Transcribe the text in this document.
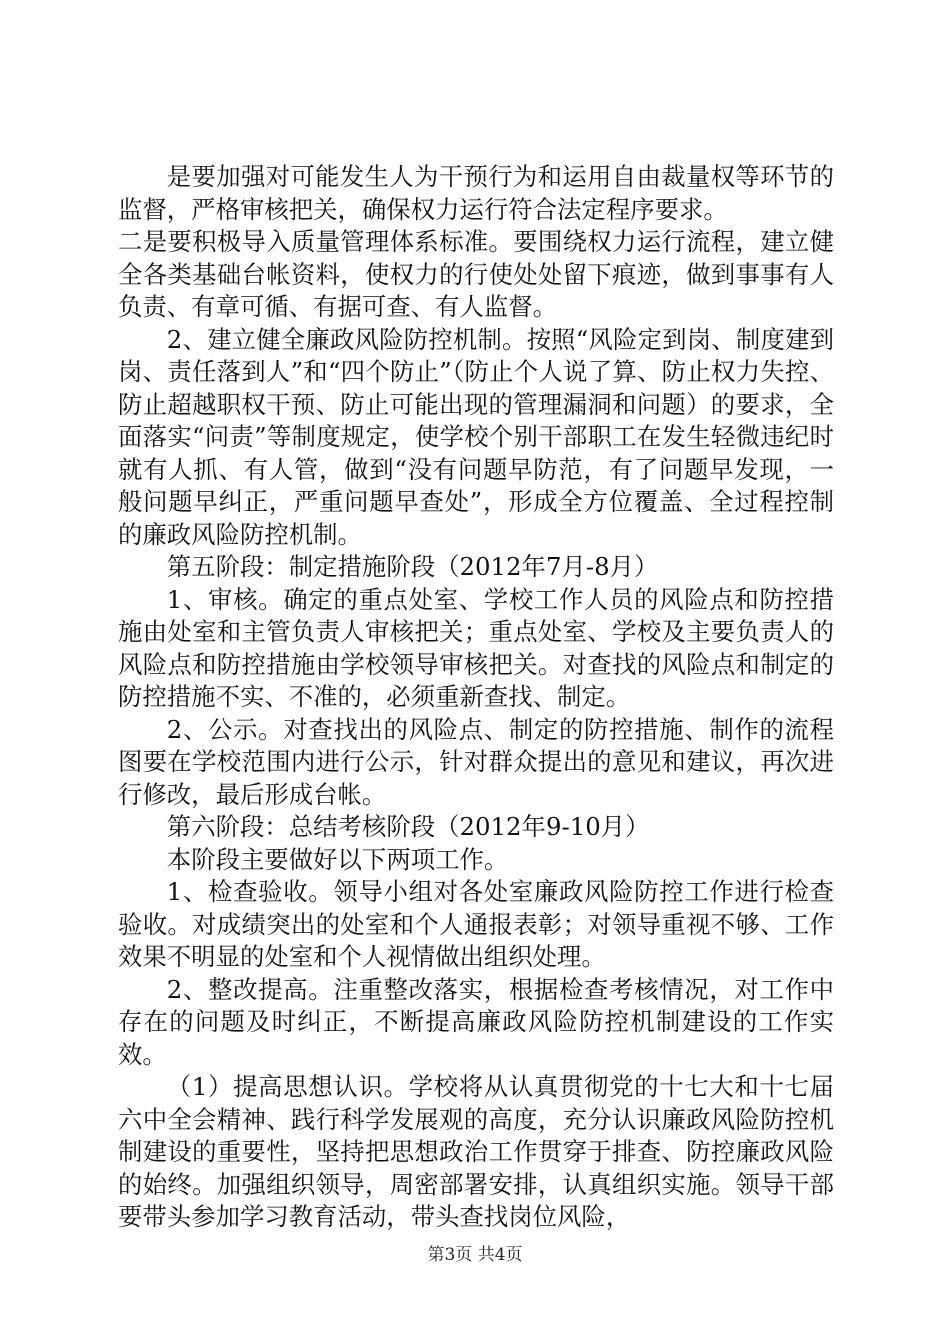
是要加强对可能发生人为干预行为和运用自由裁量权等环节的监督，严格审核把关，确保权力运行符合法定程序要求。

二是要积极导入质量管理体系标准。要围绕权力运行流程，建立健全各类基础台帐资料，使权力的行使处处留下痕迹，做到事事有人负责、有章可循、有据可查、有人监督。

2、建立健全廉政风险防控机制。按照“风险定到岗、制度建到岗、责任落到人”和“四个防止”（防止个人说了算、防止权力失控、防止超越职权干预、防止可能出现的管理漏洞和问题）的要求，全面落实“问责”等制度规定，使学校个别干部职工在发生轻微违纪时就有人抓、有人管，做到“没有问题早防范，有了问题早发现，一般问题早纠正，严重问题早查处”，形成全方位覆盖、全过程控制的廉政风险防控机制。

第五阶段：制定措施阶段（2012年7月-8月）

1、审核。确定的重点处室、学校工作人员的风险点和防控措施由处室和主管负责人审核把关；重点处室、学校及主要负责人的风险点和防控措施由学校领导审核把关。对查找的风险点和制定的防控措施不实、不准的，必须重新查找、制定。

2、公示。对查找出的风险点、制定的防控措施、制作的流程图要在学校范围内进行公示，针对群众提出的意见和建议，再次进行修改，最后形成台帐。

第六阶段：总结考核阶段（2012年9-10月）

本阶段主要做好以下两项工作。

1、检查验收。领导小组对各处室廉政风险防控工作进行检查验收。对成绩突出的处室和个人通报表彰；对领导重视不够、工作效果不明显的处室和个人视情做出组织处理。

2、整改提高。注重整改落实，根据检查考核情况，对工作中存在的问题及时纠正，不断提高廉政风险防控机制建设的工作实效。

（1）提高思想认识。学校将从认真贯彻党的十七大和十七届六中全会精神、践行科学发展观的高度，充分认识廉政风险防控机制建设的重要性，坚持把思想政治工作贯穿于排查、防控廉政风险的始终。加强组织领导，周密部署安排，认真组织实施。领导干部要带头参加学习教育活动，带头查找岗位风险，

第3页 共4页
